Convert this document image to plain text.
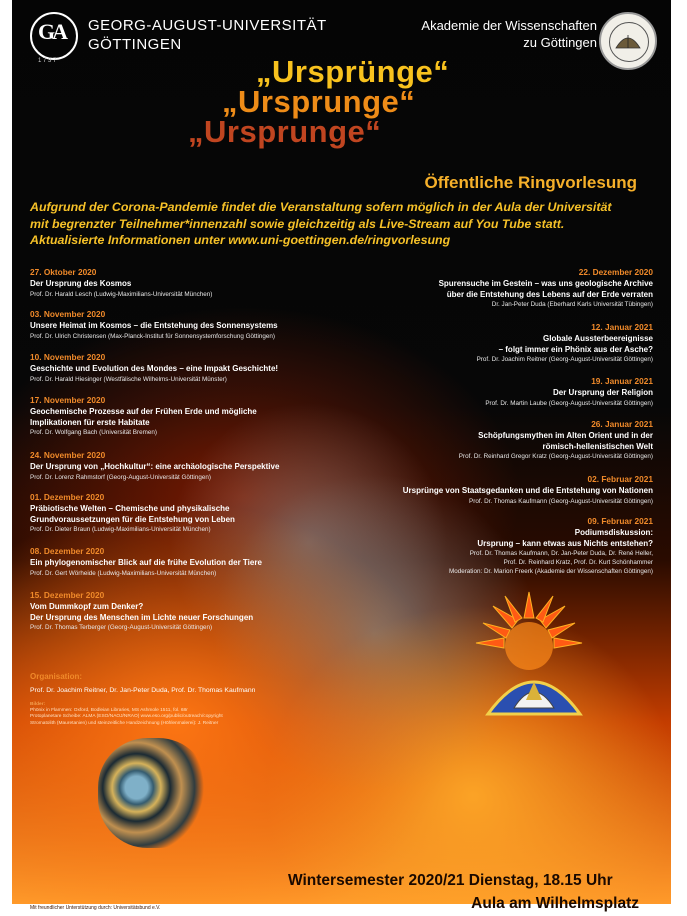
GA
1 7 3 7
GEORG-AUGUST-UNIVERSITÄT
GÖTTINGEN
Akademie der Wissenschaften
zu Göttingen
„Ursprunge“
„Ursprunge“
„Ursprünge“
Öffentliche Ringvorlesung
Aufgrund der Corona-Pandemie findet die Veranstaltung sofern möglich in der Aula der Universität
mit begrenzter Teilnehmer*innenzahl sowie gleichzeitig als Live-Stream auf You Tube statt.
Aktualisierte Informationen unter www.uni-goettingen.de/ringvorlesung
27. Oktober 2020
Der Ursprung des Kosmos
Prof. Dr. Harald Lesch (Ludwig-Maximilians-Universität München)
03. November 2020
Unsere Heimat im Kosmos – die Entstehung des Sonnensystems
Prof. Dr. Ulrich Christensen (Max-Planck-Institut für Sonnensystemforschung Göttingen)
10. November 2020
Geschichte und Evolution des Mondes – eine Impakt Geschichte!
Prof. Dr. Harald Hiesinger (Westfälische Wilhelms-Universität Münster)
17. November 2020
Geochemische Prozesse auf der Frühen Erde und mögliche
Implikationen für erste Habitate
Prof. Dr. Wolfgang Bach (Universität Bremen)
24. November 2020
Der Ursprung von „Hochkultur“: eine archäologische Perspektive
Prof. Dr. Lorenz Rahmstorf (Georg-August-Universität Göttingen)
01. Dezember 2020
Präbiotische Welten – Chemische und physikalische
Grundvoraussetzungen für die Entstehung von Leben
Prof. Dr. Dieter Braun (Ludwig-Maximilians-Universität München)
08. Dezember 2020
Ein phylogenomischer Blick auf die frühe Evolution der Tiere
Prof. Dr. Gert Wörheide (Ludwig-Maximilians-Universität München)
15. Dezember 2020
Vom Dummkopf zum Denker?
Der Ursprung des Menschen im Lichte neuer Forschungen
Prof. Dr. Thomas Terberger (Georg-August-Universität Göttingen)
22. Dezember 2020
Spurensuche im Gestein – was uns geologische Archive
über die Entstehung des Lebens auf der Erde verraten
Dr. Jan-Peter Duda (Eberhard Karls Universität Tübingen)
12. Januar 2021
Globale Aussterbeereignisse
– folgt immer ein Phönix aus der Asche?
Prof. Dr. Joachim Reitner (Georg-August-Universität Göttingen)
19. Januar 2021
Der Ursprung der Religion
Prof. Dr. Martin Laube (Georg-August-Universität Göttingen)
26. Januar 2021
Schöpfungsmythen im Alten Orient und in der
römisch-hellenistischen Welt
Prof. Dr. Reinhard Gregor Kratz (Georg-August-Universität Göttingen)
02. Februar 2021
Ursprünge von Staatsgedanken und die Entstehung von Nationen
Prof. Dr. Thomas Kaufmann (Georg-August-Universität Göttingen)
09. Februar 2021
Podiumsdiskussion:
Ursprung – kann etwas aus Nichts entstehen?
Prof. Dr. Thomas Kaufmann, Dr. Jan-Peter Duda, Dr. René Heller,
Prof. Dr. Reinhard Kratz, Prof. Dr. Kurt Schönhammer
Moderation: Dr. Marion Freerk (Akademie der Wissenschaften Göttingen)
Organisation:
Prof. Dr. Joachim Reitner, Dr. Jan-Peter Duda, Prof. Dr. Thomas Kaufmann
Bilder:
Phönix in Flammen: Oxford, Bodleian Libraries, MS Ashmole 1511, fol. 68r
Protoplanetare Scheibe: ALMA (ESO/NAOJ/NRAO) www.eso.org/public/outreach/copyright
Stromatolith (Mauretanien) und steinzeitliche Handzeichnung (Höhlenmalerei): J. Reitner
Wintersemester 2020/21 Dienstag, 18.15 Uhr
Aula am Wilhelmsplatz
Mit freundlicher Unterstützung durch: Universitätsbund e.V.
